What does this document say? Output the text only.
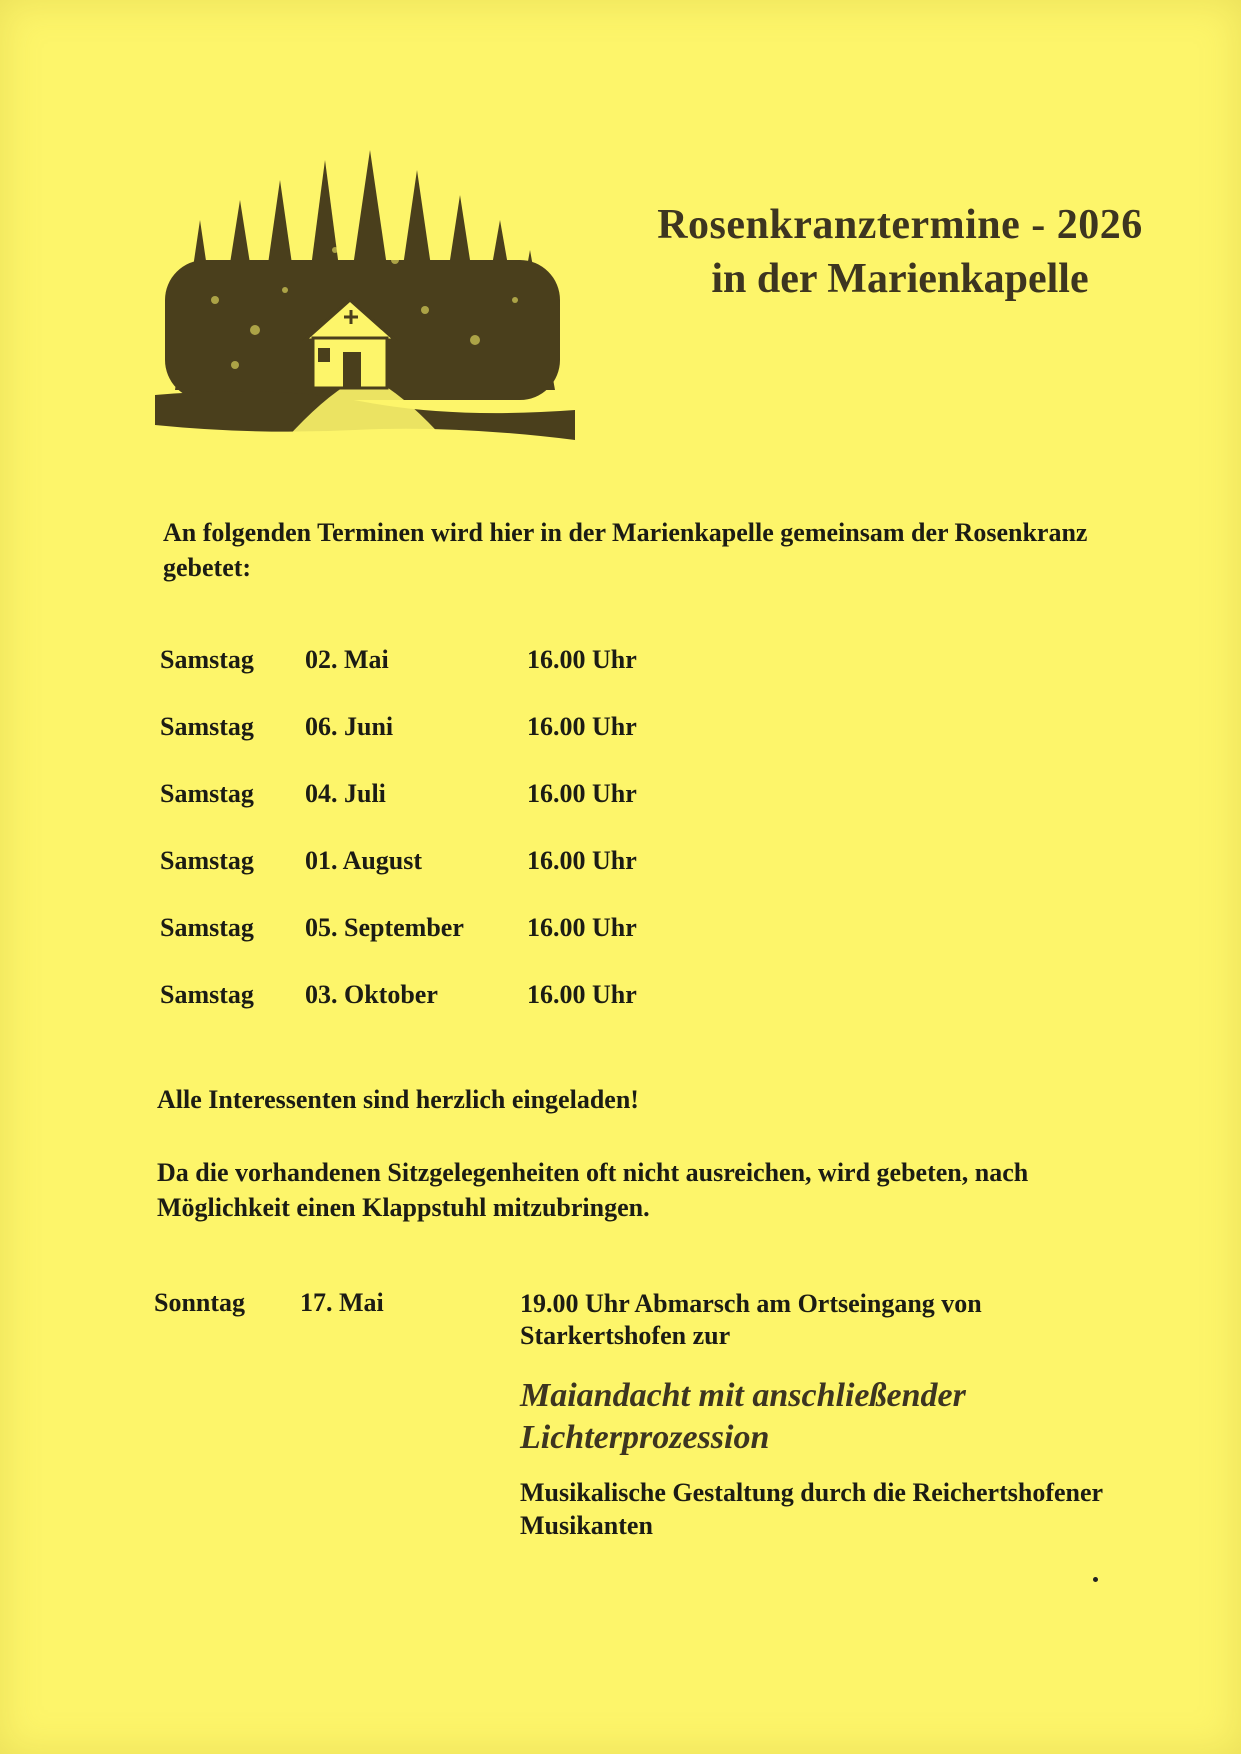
Rosenkranztermine - 2026
in der Marienkapelle
An folgenden Terminen wird hier in der Marienkapelle gemeinsam der Rosenkranz gebetet:
Samstag 02. Mai	16.00 Uhr
Samstag 06. Juni	16.00 Uhr
Samstag 04. Juli	16.00 Uhr
Samstag 01. August	16.00 Uhr
Samstag 05. September 16.00 Uhr
Samstag 03. Oktober	16.00 Uhr
Alle Interessenten sind herzlich eingeladen!
Da die vorhandenen Sitzgelegenheiten oft nicht ausreichen, wird gebeten, nach Möglichkeit einen Klappstuhl mitzubringen.
Sonntag 17. Mai	19.00 Uhr Abmarsch am Ortseingang von Starkertshofen zur
Maiandacht mit anschließender Lichterprozession
Musikalische Gestaltung durch die Reichertshofener Musikanten
